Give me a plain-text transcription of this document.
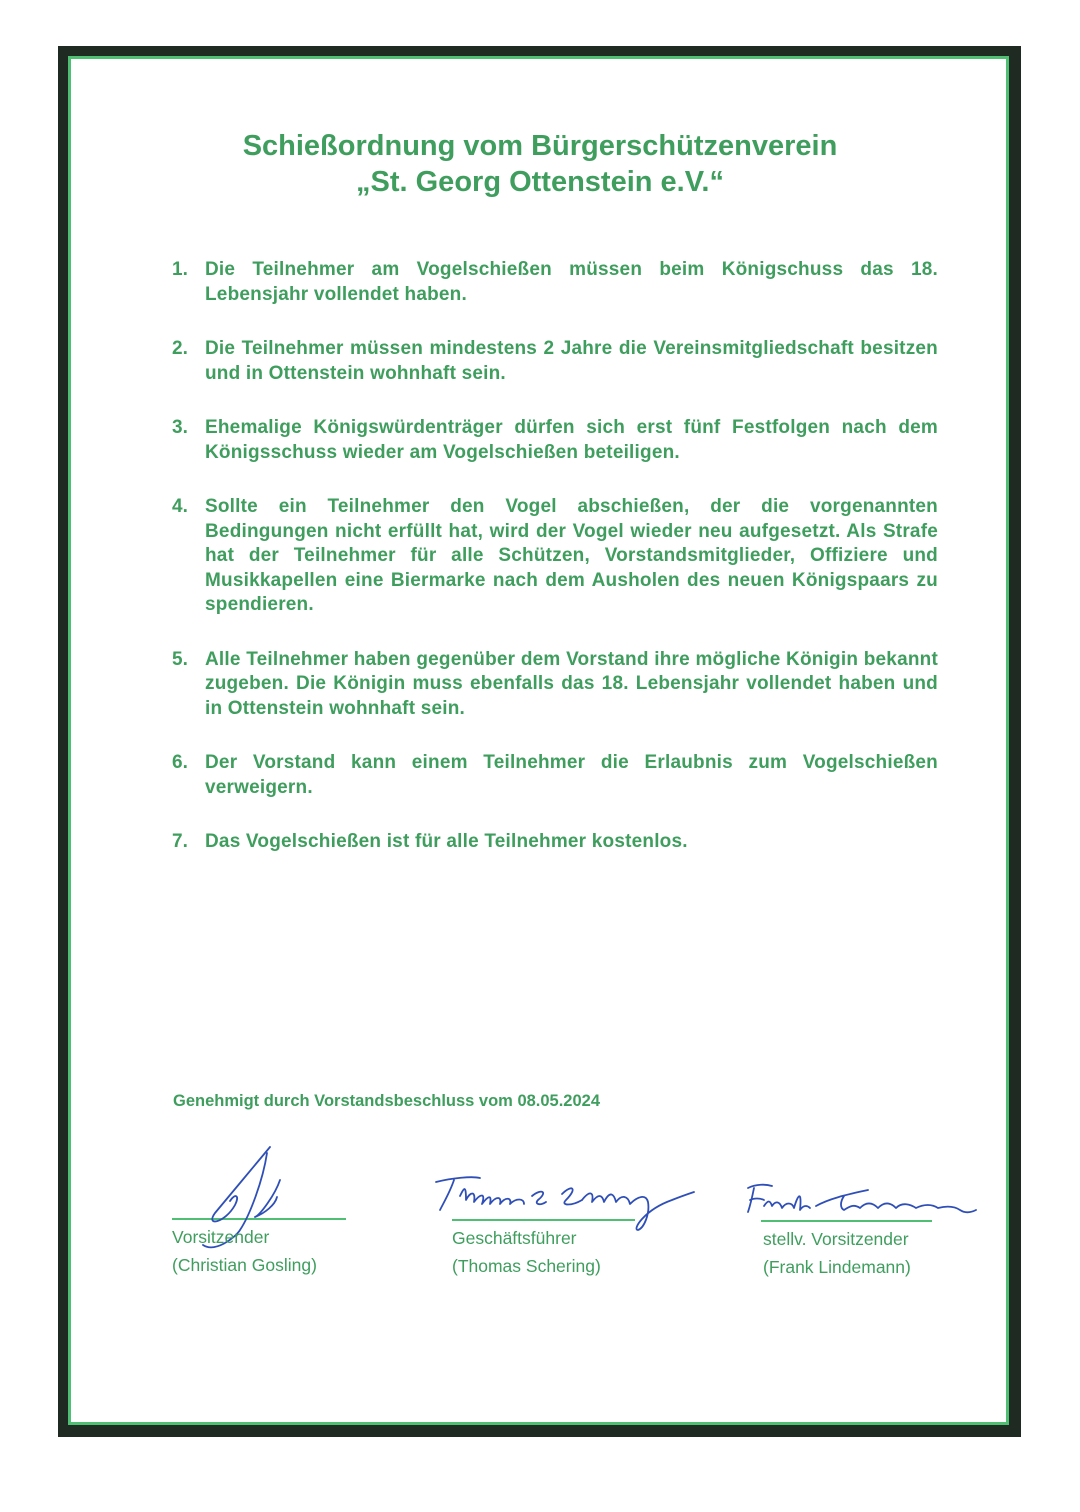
Schießordnung vom Bürgerschützenverein
„St. Georg Ottenstein e.V.“
1. Die Teilnehmer am Vogelschießen müssen beim Königschuss das 18. Lebensjahr vollendet haben.
2. Die Teilnehmer müssen mindestens 2 Jahre die Vereinsmitgliedschaft besitzen und in Ottenstein wohnhaft sein.
3. Ehemalige Königswürdenträger dürfen sich erst fünf Festfolgen nach dem Königsschuss wieder am Vogelschießen beteiligen.
4. Sollte ein Teilnehmer den Vogel abschießen, der die vorgenannten Bedingungen nicht erfüllt hat, wird der Vogel wieder neu aufgesetzt. Als Strafe hat der Teilnehmer für alle Schützen, Vorstandsmitglieder, Offiziere und Musikkapellen eine Biermarke nach dem Ausholen des neuen Königspaars zu spendieren.
5. Alle Teilnehmer haben gegenüber dem Vorstand ihre mögliche Königin bekannt zugeben. Die Königin muss ebenfalls das 18. Lebensjahr vollendet haben und in Ottenstein wohnhaft sein.
6. Der Vorstand kann einem Teilnehmer die Erlaubnis zum Vogelschießen verweigern.
7. Das Vogelschießen ist für alle Teilnehmer kostenlos.
Genehmigt durch Vorstandsbeschluss vom 08.05.2024
Vorsitzender
(Christian Gosling)
Geschäftsführer
(Thomas Schering)
stellv. Vorsitzender
(Frank Lindemann)
